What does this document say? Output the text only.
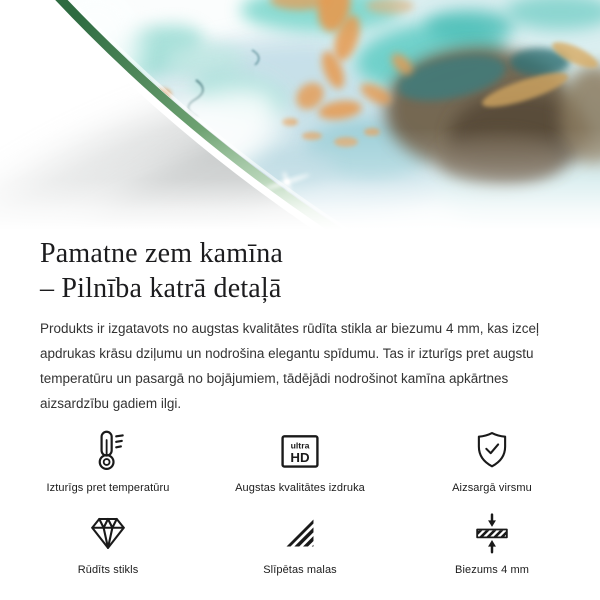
Pamatne zem kamīna
– Pilnība katrā detaļā

Produkts ir izgatavots no augstas kvalitātes rūdīta stikla ar biezumu 4 mm, kas izceļ apdrukas krāsu dziļumu un nodrošina elegantu spīdumu. Tas ir izturīgs pret augstu temperatūru un pasargā no bojājumiem, tādējādi nodrošinot kamīna apkārtnes aizsardzību gadiem ilgi.

Izturīgs pret temperatūru
ultra
HD
Augstas kvalitātes izdruka	Aizsargā virsmu
Rūdīts stikls	Slīpētas malas	Biezums 4 mm
